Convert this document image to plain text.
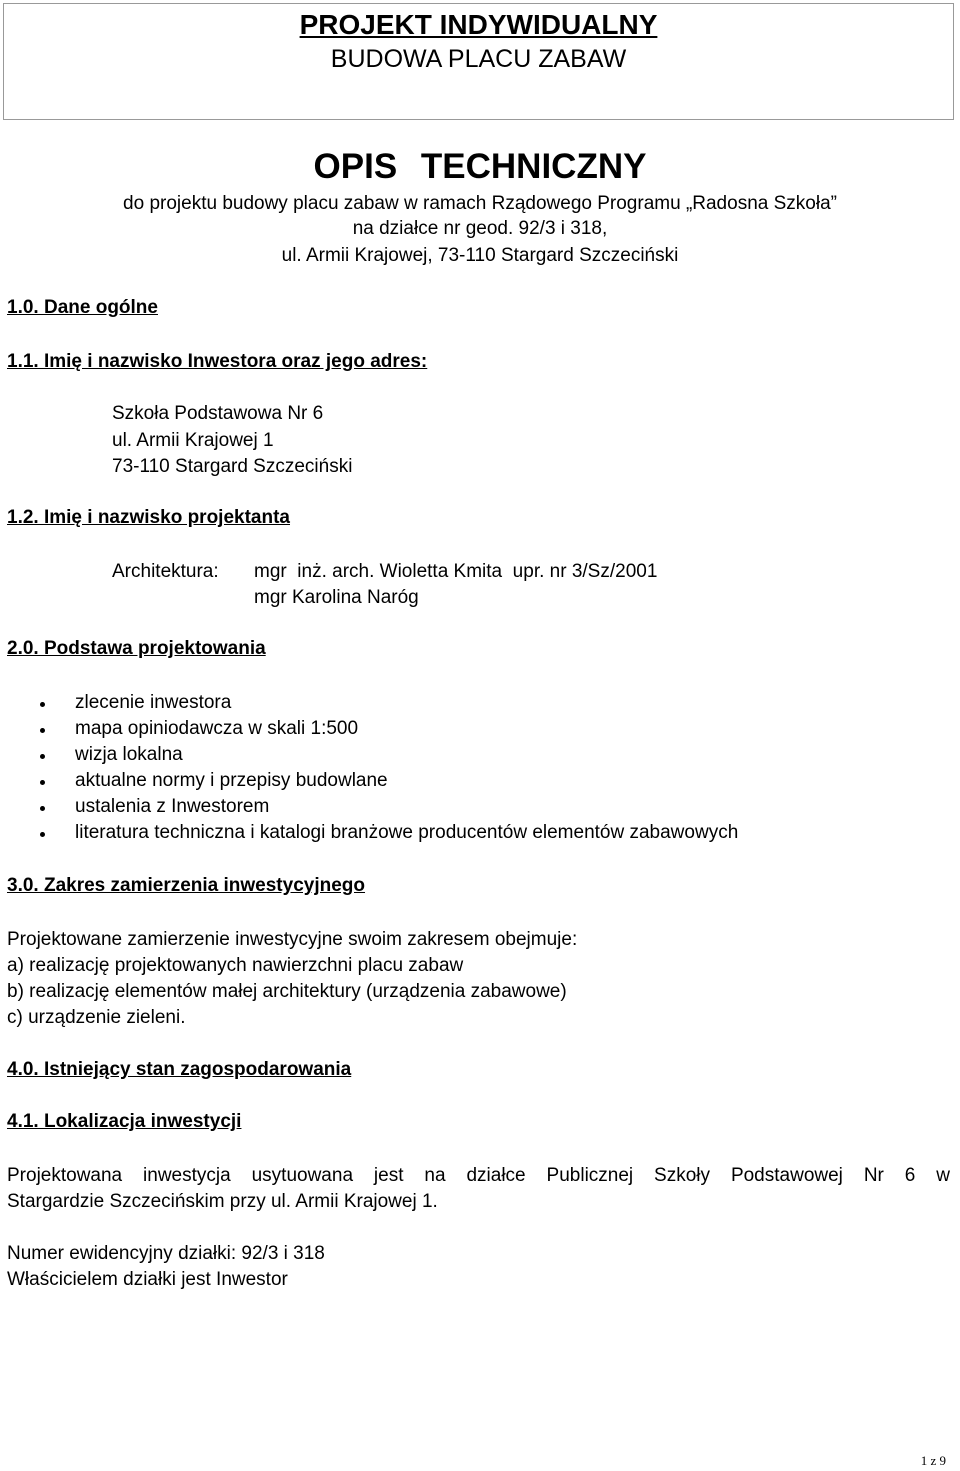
PROJEKT INDYWIDUALNY
BUDOWA PLACU ZABAW
OPIS TECHNICZNY
do projektu budowy placu zabaw w ramach Rządowego Programu „Radosna Szkoła”
na działce nr geod. 92/3 i 318,
ul. Armii Krajowej, 73-110 Stargard Szczeciński
1.0. Dane ogólne
1.1. Imię i nazwisko Inwestora oraz jego adres:
Szkoła Podstawowa Nr 6
ul. Armii Krajowej 1
73-110 Stargard Szczeciński
1.2. Imię i nazwisko projektanta
Architektura: mgr  inż. arch. Wioletta Kmita  upr. nr 3/Sz/2001
mgr Karolina Naróg
2.0. Podstawa projektowania
zlecenie inwestora
mapa opiniodawcza w skali 1:500
wizja lokalna
aktualne normy i przepisy budowlane
ustalenia z Inwestorem
literatura techniczna i katalogi branżowe producentów elementów zabawowych
3.0. Zakres zamierzenia inwestycyjnego
Projektowane zamierzenie inwestycyjne swoim zakresem obejmuje:
a) realizację projektowanych nawierzchni placu zabaw
b) realizację elementów małej architektury (urządzenia zabawowe)
c) urządzenie zieleni.
4.0. Istniejący stan zagospodarowania
4.1. Lokalizacja inwestycji
Projektowana inwestycja usytuowana jest na działce Publicznej Szkoły Podstawowej Nr 6 w
Stargardzie Szczecińskim przy ul. Armii Krajowej 1.
Numer ewidencyjny działki: 92/3 i 318
Właścicielem działki jest Inwestor
1 z 9
